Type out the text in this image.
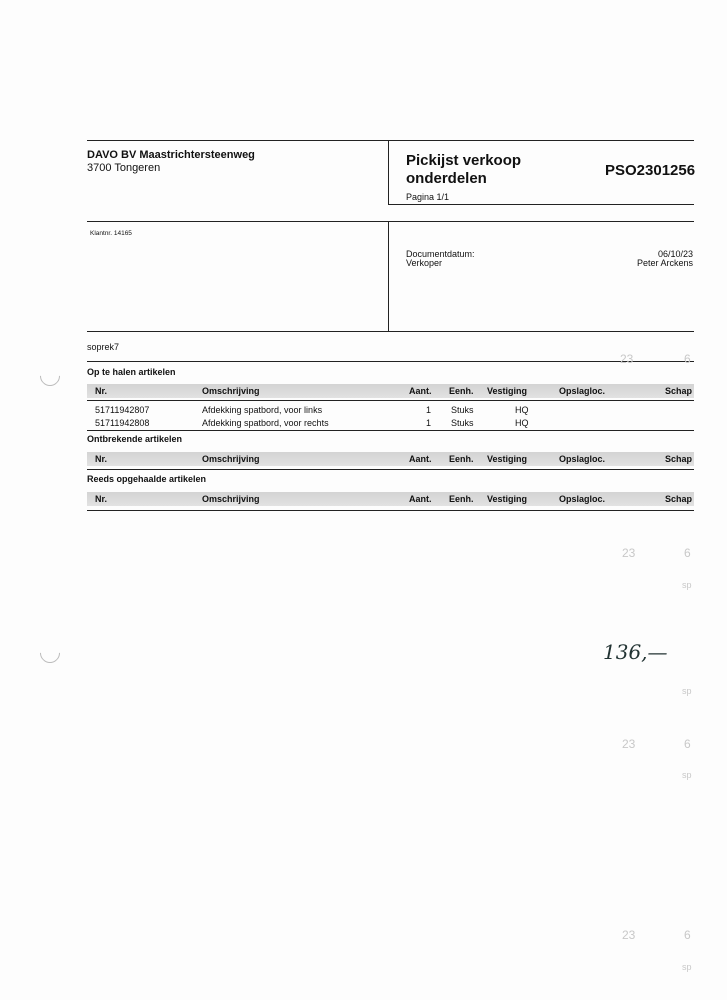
DAVO BV Maastrichtersteenweg
3700 Tongeren	Pickijst verkoop
onderdelen	PSO2301256
Pagina 1/1
Klantnr. 14165
Documentdatum:	06/10/23
Verkoper	Peter Arckens
soprek7
Op te halen artikelen
Nr.	Omschrijving	Aant. Eenh. Vestiging	Opslagloc.	Schap
51711942807	Afdekking spatbord, voor links	1 Stuks	HQ
51711942808	Afdekking spatbord, voor rechts	1 Stuks	HQ
Ontbrekende artikelen
Nr.	Omschrijving	Aant. Eenh. Vestiging	Opslagloc.	Schap
Reeds opgehaalde artikelen
Nr.	Omschrijving	Aant. Eenh. Vestiging	Opslagloc.	Schap
136,—
23	6
23	6
sp
sp
23	6
sp
23	6
sp
